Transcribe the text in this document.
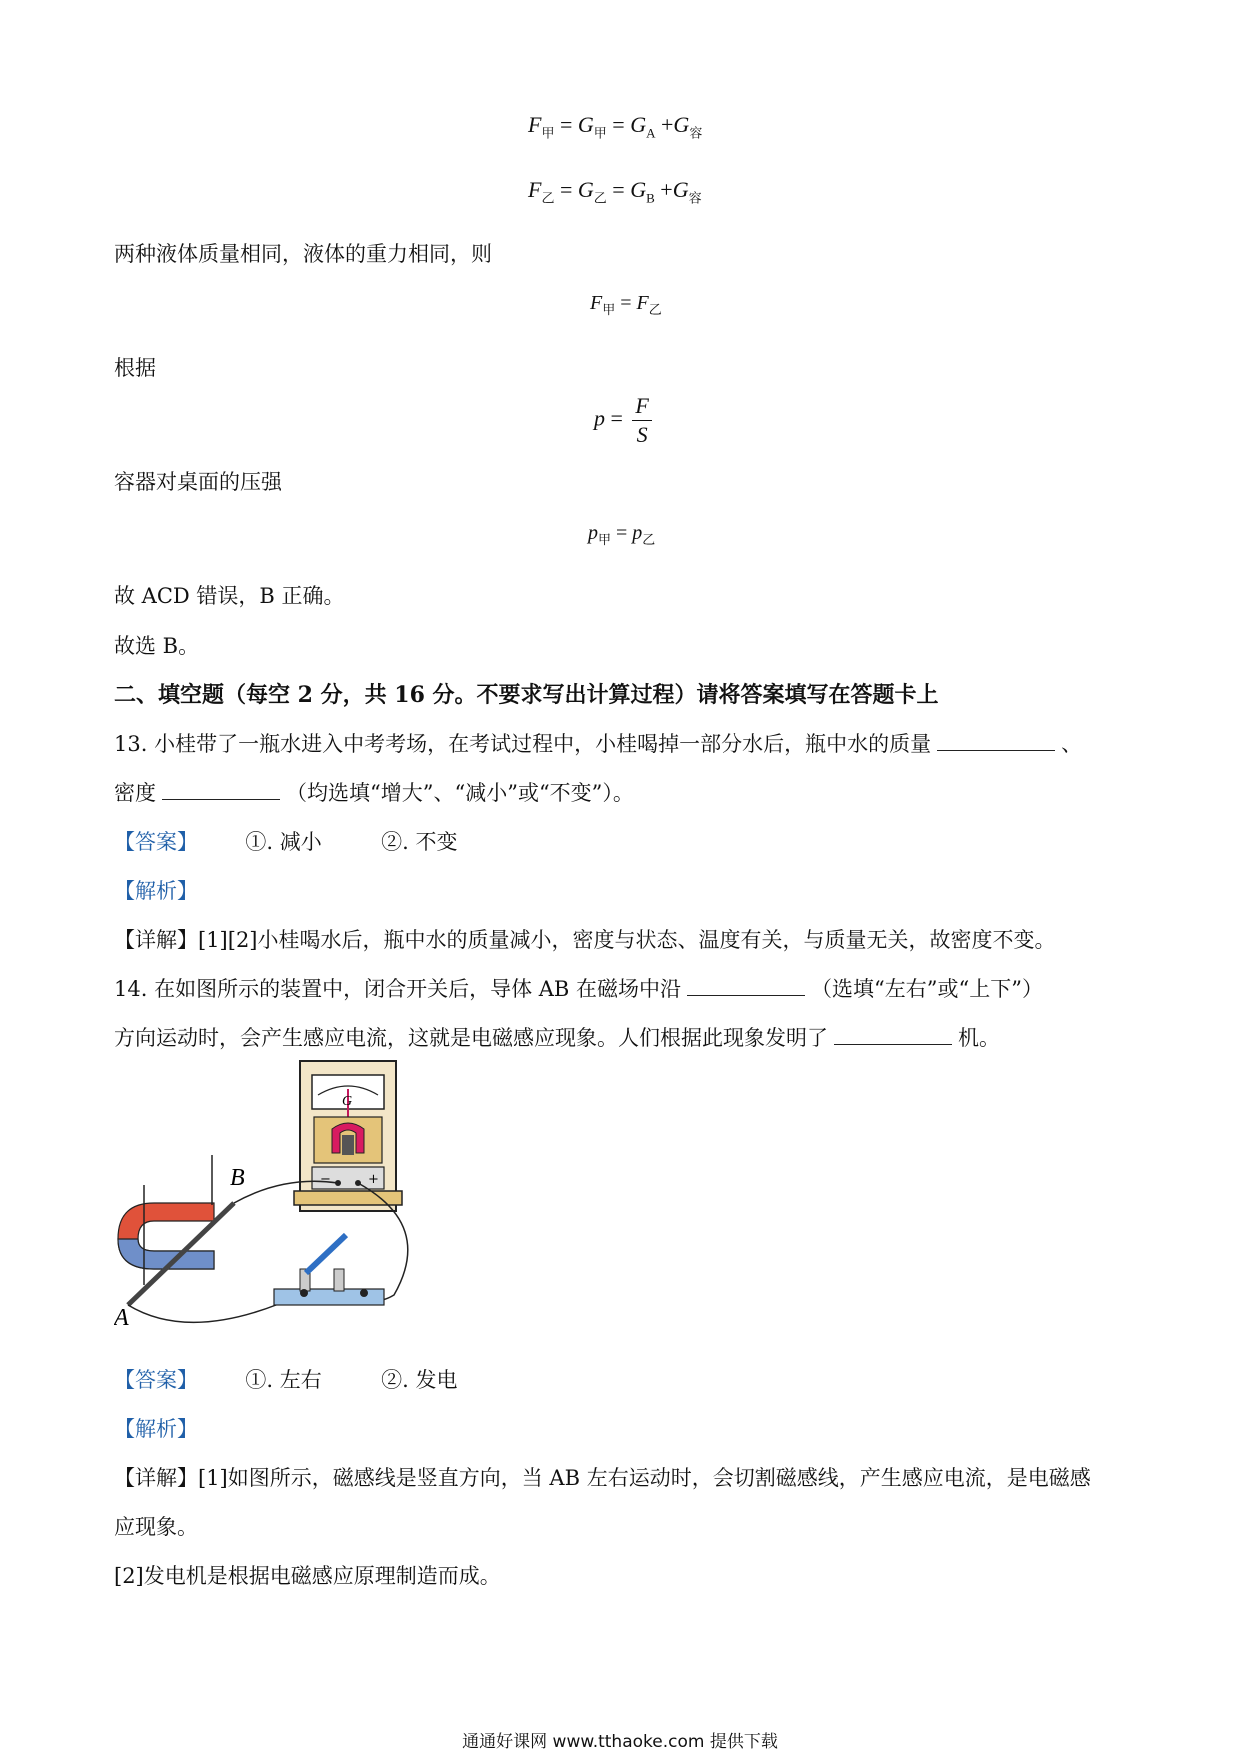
$F_甲 = G_甲 = G_A +G_容$
$F_乙 = G_乙 = G_B +G_容$
两种液体质量相同，液体的重力相同，则
$F_甲 = F_乙$
根据
$p = \frac{F}{S}$
容器对桌面的压强
$p_甲 = p_乙$
故 ACD 错误，B 正确。
故选 B。
二、填空题（每空 2 分，共 16 分。不要求写出计算过程）请将答案填写在答题卡上
13. 小桂带了一瓶水进入中考考场，在考试过程中，小桂喝掉一部分水后，瓶中水的质量	、
密度	（均选填“增大”、“减小”或“不变”）。
【答案】 ①. 减小	②. 不变
【解析】
【详解】[1][2]小桂喝水后，瓶中水的质量减小，密度与状态、温度有关，与质量无关，故密度不变。
14. 在如图所示的装置中，闭合开关后，导体 AB 在磁场中沿	（选填“左右”或“上下”）
方向运动时，会产生感应电流，这就是电磁感应现象。人们根据此现象发明了	机。
G
−	+
A
B
【答案】 ①. 左右	②. 发电
【解析】
【详解】[1]如图所示，磁感线是竖直方向，当 AB 左右运动时，会切割磁感线，产生感应电流，是电磁感
应现象。
[2]发电机是根据电磁感应原理制造而成。
通通好课网 www.tthaoke.com 提供下载
